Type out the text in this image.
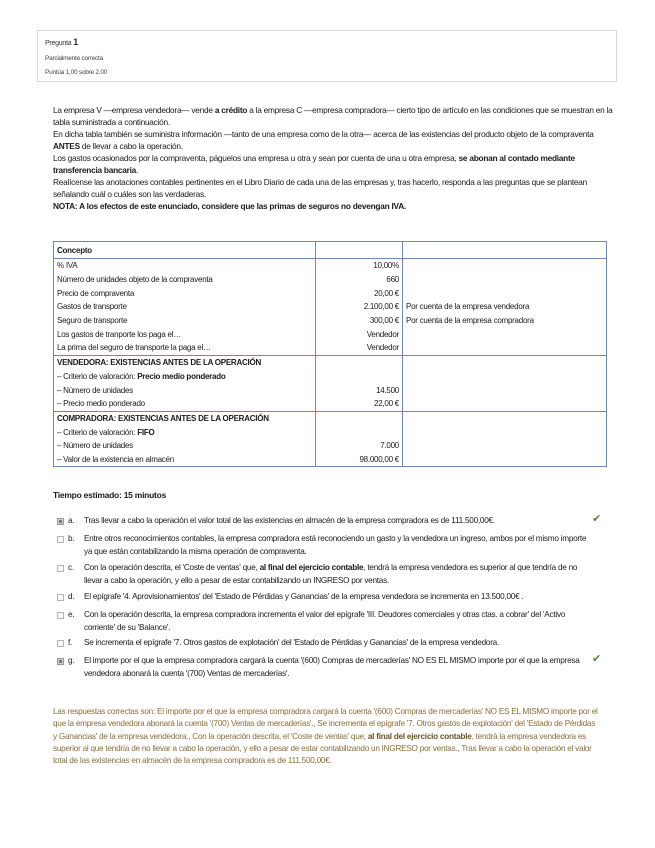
Pregunta 1
Parcialmente correcta
Puntúa 1,00 sobre 2,00

La empresa V —empresa vendedora— vende a crédito a la empresa C —empresa compradora— cierto tipo de artículo en las condiciones que se muestran en la tabla suministrada a continuación.

En dicha tabla también se suministra información —tanto de una empresa como de la otra— acerca de las existencias del producto objeto de la compraventa ANTES de llevar a cabo la operación.

Los gastos ocasionados por la compraventa, páguelos una empresa u otra y sean por cuenta de una u otra empresa, se abonan al contado mediante transferencia bancaria.

Realícense las anotaciones contables pertinentes en el Libro Diario de cada una de las empresas y, tras hacerlo, responda a las preguntas que se plantean señalando cuál o cuáles son las verdaderas.

NOTA: A los efectos de este enunciado, considere que las primas de seguros no devengan IVA.

Concepto		
% IVA	10,00%	
Número de unidades objeto de la compraventa	660	
Precio de compraventa	20,00 €	
Gastos de transporte	2.100,00 €	Por cuenta de la empresa vendedora
Seguro de transporte	300,00 €	Por cuenta de la empresa compradora
Los gastos de tranporte los paga el…	Vendedor	
La prima del seguro de transporte la paga el…	Vendedor	
VENDEDORA: EXISTENCIAS ANTES DE LA OPERACIÓN		
– Criterio de valoración: Precio medio ponderado		
– Número de unidades	14.500	
– Precio medio ponderado	22,00 €	
COMPRADORA: EXISTENCIAS ANTES DE LA OPERACIÓN		
– Criterio de valoración: FIFO		
– Número de unidades	7.000	
– Valor de la existencia en almacén	98.000,00 €	
Tiempo estimado: 15 minutos
a. Tras llevar a cabo la operación el valor total de las existencias en almacén de la empresa compradora es de 111.500,00€.	✔
b. Entre otros reconocimientos contables, la empresa compradora está reconociendo un gasto y la vendedora un ingreso, ambos por el mismo importe ya que están contabilizando la misma operación de compraventa.
c. Con la operación descrita, el 'Coste de ventas' que, al final del ejercicio contable, tendrá la empresa vendedora es superior al que tendría de no llevar a cabo la operación, y ello a pesar de estar contabilizando un INGRESO por ventas.
d. El epígrafe '4. Aprovisionamientos' del 'Estado de Pérdidas y Ganancias' de la empresa vendedora se incrementa en 13.500,00€ .
e. Con la operación descrita, la empresa compradora incrementa el valor del epígrafe 'III. Deudores comerciales y otras ctas. a cobrar' del 'Activo corriente' de su 'Balance'.
f. Se incrementa el epígrafe '7. Otros gastos de explotación' del 'Estado de Pérdidas y Ganancias' de la empresa vendedora.
g. El importe por el que la empresa compradora cargará la cuenta '(600) Compras de mercaderías' NO ES EL MISMO importe por el que la empresa vendedora abonará la cuenta '(700) Ventas de mercaderías'.
✔
Las respuestas correctas son: El importe por el que la empresa compradora cargará la cuenta '(600) Compras de mercaderías' NO ES EL MISMO importe por el que la empresa vendedora abonará la cuenta '(700) Ventas de mercaderías'., Se incrementa el epígrafe '7. Otros gastos de explotación' del 'Estado de Pérdidas y Ganancias' de la empresa vendedora., Con la operación descrita, el 'Coste de ventas' que, al final del ejercicio contable, tendrá la empresa vendedora es superior al que tendría de no llevar a cabo la operación, y ello a pesar de estar contabilizando un INGRESO por ventas., Tras llevar a cabo la operación el valor total de las existencias en almacén de la empresa compradora es de 111.500,00€.
